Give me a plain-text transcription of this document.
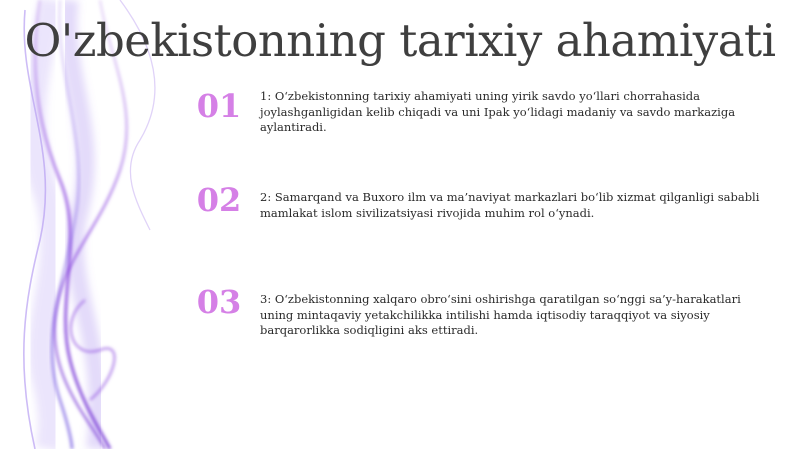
O'zbekistonning tarixiy ahamiyati
01 1: O‘zbekistonning tarixiy ahamiyati uning yirik savdo yo‘llari chorrahasida joylashganligidan kelib chiqadi va uni Ipak yo‘lidagi madaniy va savdo markaziga aylantiradi.
02 2: Samarqand va Buxoro ilm va ma’naviyat markazlari bo‘lib xizmat qilganligi sababli mamlakat islom sivilizatsiyasi rivojida muhim rol o‘ynadi.
03 3: O‘zbekistonning xalqaro obro‘sini oshirishga qaratilgan so‘nggi sa’y-harakatlari uning mintaqaviy yetakchilikka intilishi hamda iqtisodiy taraqqiyot va siyosiy barqarorlikka sodiqligini aks ettiradi.
